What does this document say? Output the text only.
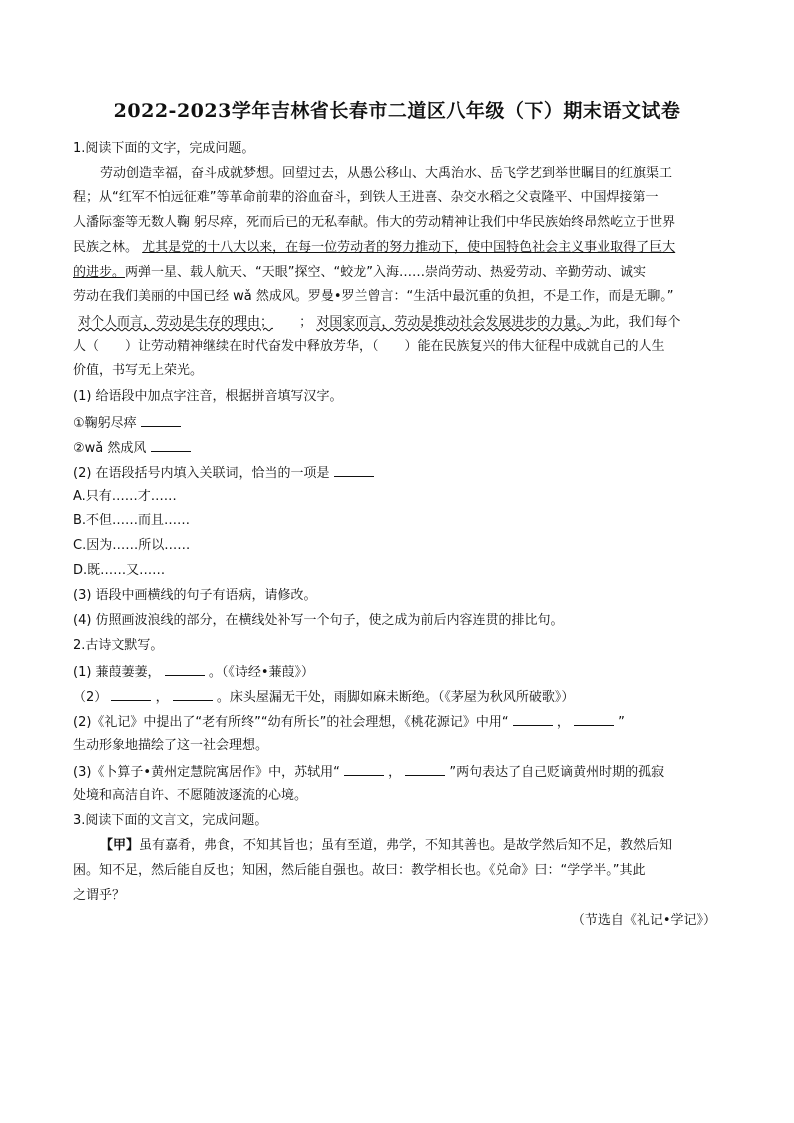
2022-2023学年吉林省长春市二道区八年级（下）期末语文试卷
1.阅读下面的文字，完成问题。
劳动创造幸福，奋斗成就梦想。回望过去，从愚公移山、大禹治水、岳飞学艺到举世瞩目的红旗渠工
程；从“红军不怕远征难”等革命前辈的浴血奋斗，到铁人王进喜、杂交水稻之父袁隆平、中国焊接第一
人潘际銮等无数人鞠 躬尽瘁，死而后已的无私奉献。伟大的劳动精神让我们中华民族始终昂然屹立于世界
民族之林。 尤其是党的十八大以来，在每一位劳动者的努力推动下，使中国特色社会主义事业取得了巨大
的进步。两弹一星、载人航天、“天眼”探空、“蛟龙”入海……崇尚劳动、热爱劳动、辛勤劳动、诚实
劳动在我们美丽的中国已经 wǎ 然成风。罗曼•罗兰曾言：“生活中最沉重的负担，不是工作，而是无聊。”
对个人而言，劳动是生存的理由； ； 对国家而言，劳动是推动社会发展进步的力量。为此，我们每个
人（　　）让劳动精神继续在时代奋发中释放芳华，（　　）能在民族复兴的伟大征程中成就自己的人生
价值，书写无上荣光。
(1) 给语段中加点字注音，根据拼音填写汉字。
①鞠躬尽瘁
②wǎ 然成风
(2) 在语段括号内填入关联词，恰当的一项是
A.只有……才……
B.不但……而且……
C.因为……所以……
D.既……又……
(3) 语段中画横线的句子有语病，请修改。
(4) 仿照画波浪线的部分，在横线处补写一个句子，使之成为前后内容连贯的排比句。
2.古诗文默写。
(1) 蒹葭萋萋，	。（《诗经•蒹葭》）
（2）	，	。床头屋漏无干处，雨脚如麻未断绝。（《茅屋为秋风所破歌》）
(2)《礼记》中提出了“老有所终”“幼有所长”的社会理想，《桃花源记》中用“	，	”
生动形象地描绘了这一社会理想。
(3)《卜算子•黄州定慧院寓居作》中，苏轼用“	，	”两句表达了自己贬谪黄州时期的孤寂
处境和高洁自许、不愿随波逐流的心境。
3.阅读下面的文言文，完成问题。
【甲】虽有嘉肴，弗食，不知其旨也；虽有至道，弗学，不知其善也。是故学然后知不足，教然后知
困。知不足，然后能自反也；知困，然后能自强也。故曰：教学相长也。《兑命》曰：“学学半。”其此
之谓乎？
（节选自《礼记•学记》）
